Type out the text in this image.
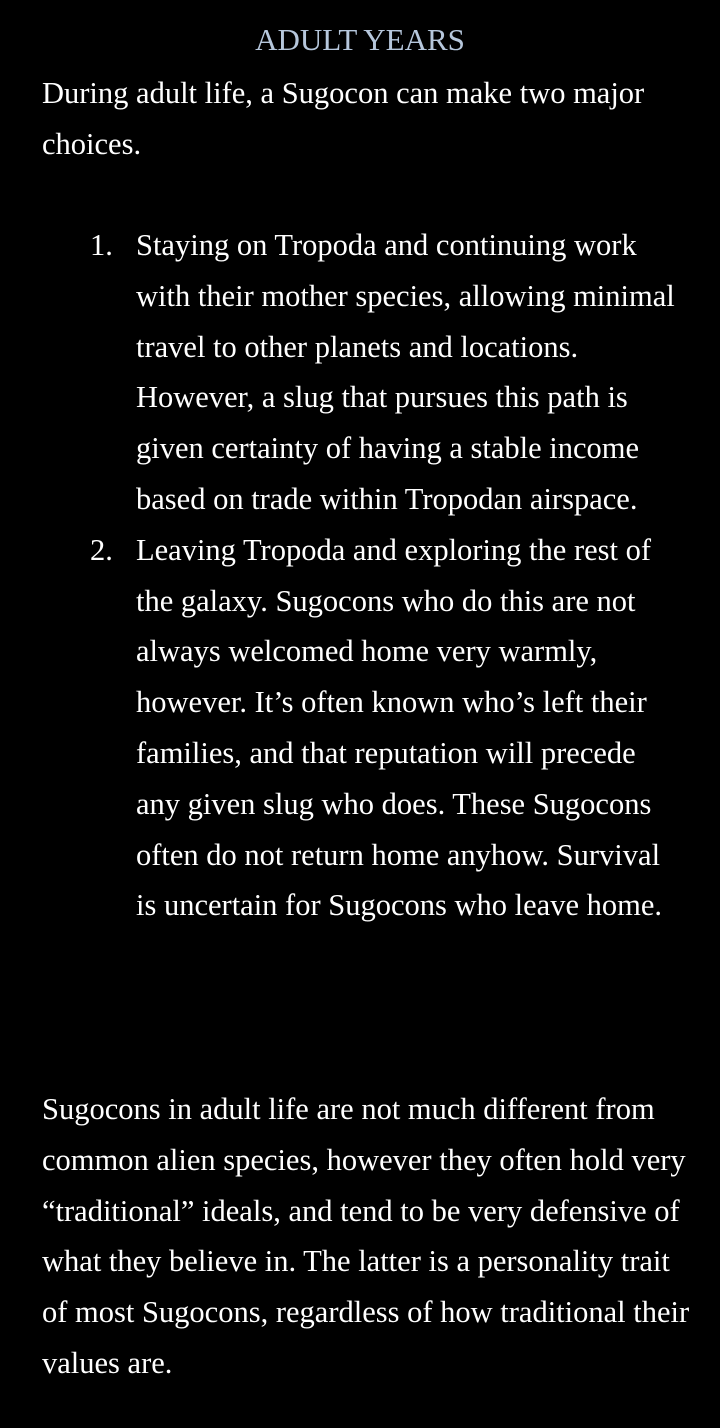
ADULT YEARS

During adult life, a Sugocon can make two major choices.

1. Staying on Tropoda and continuing work with their mother species, allowing minimal travel to other planets and locations. However, a slug that pursues this path is given certainty of having a stable income based on trade within Tropodan airspace.
2. Leaving Tropoda and exploring the rest of the galaxy. Sugocons who do this are not always welcomed home very warmly, however. It’s often known who’s left their families, and that reputation will precede any given slug who does. These Sugocons often do not return home anyhow. Survival is uncertain for Sugocons who leave home.

Sugocons in adult life are not much different from common alien species, however they often hold very “traditional” ideals, and tend to be very defensive of what they believe in. The latter is a personality trait of most Sugocons, regardless of how traditional their values are.
